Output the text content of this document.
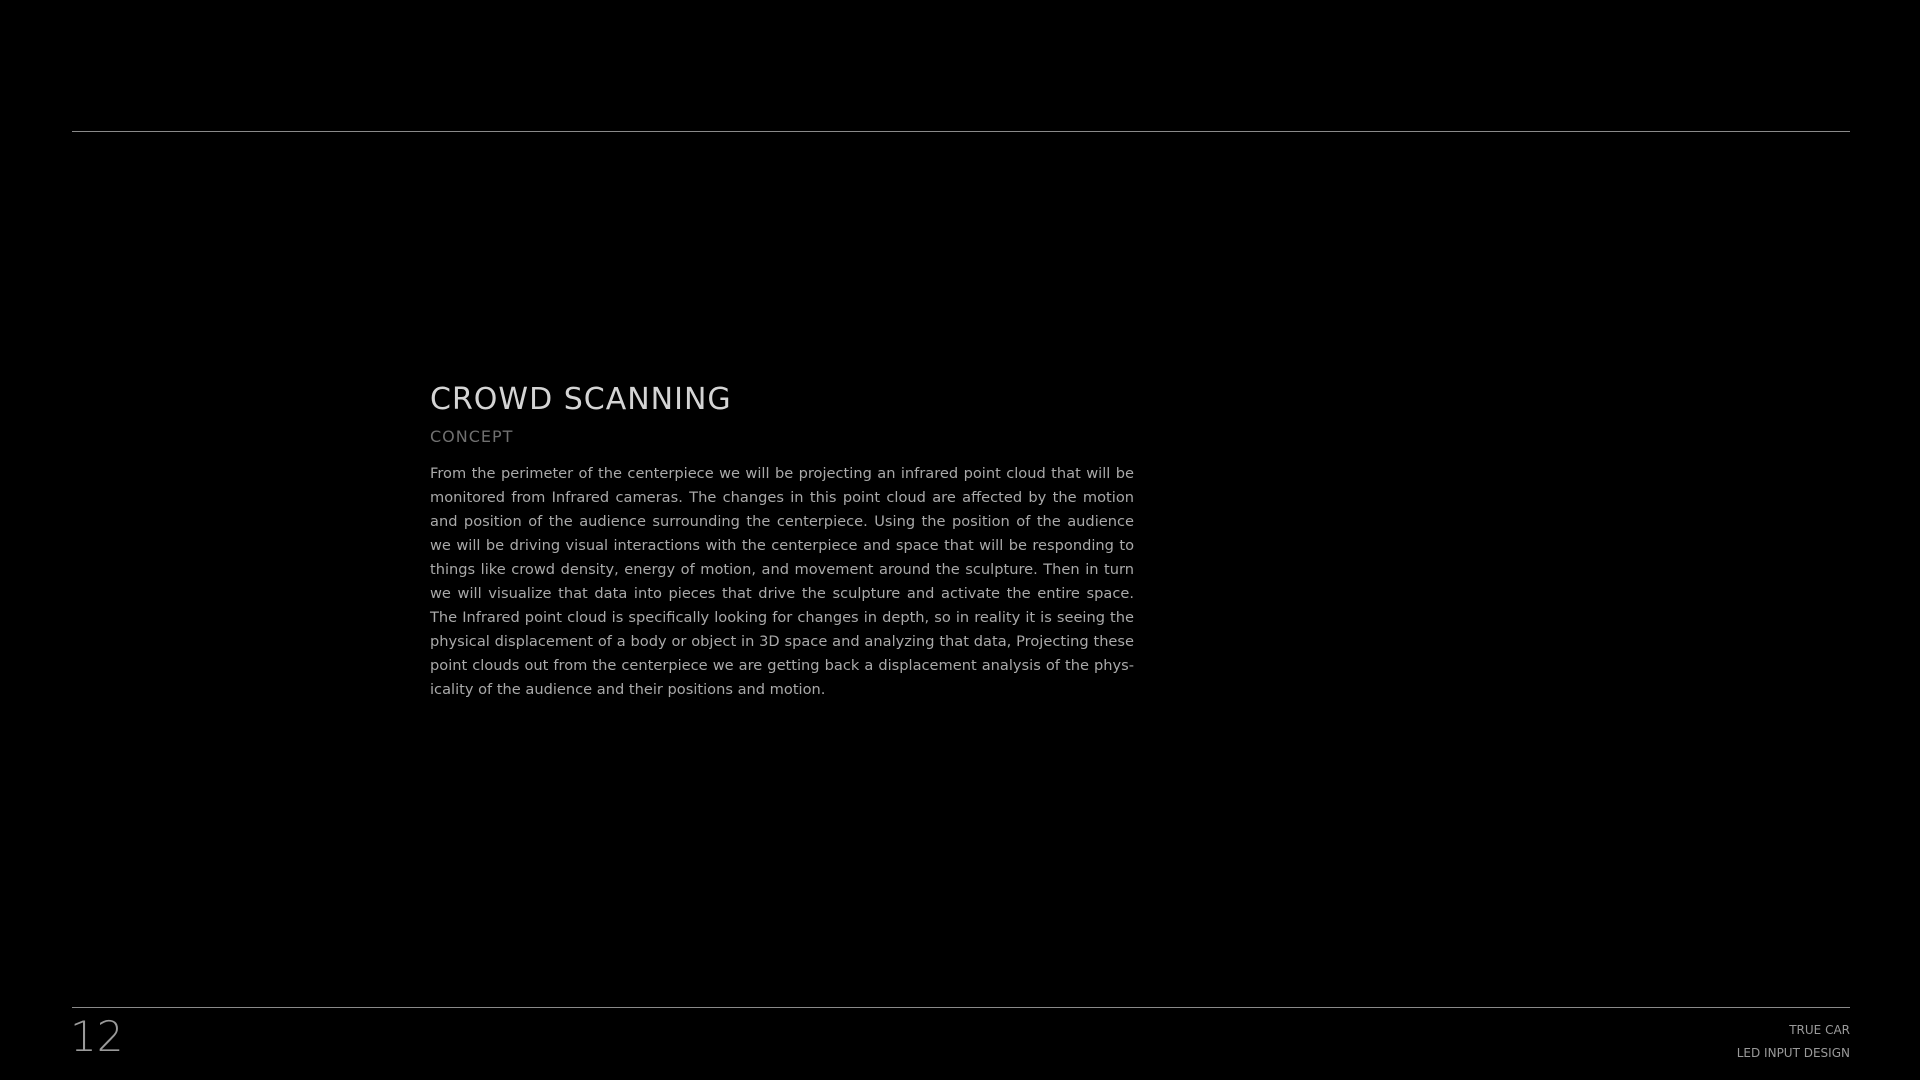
CROWD SCANNING
CONCEPT

From the perimeter of the centerpiece we will be projecting an infrared point cloud that will be monitored from Infrared cameras. The changes in this point cloud are affected by the motion and position of the audience surrounding the centerpiece. Using the position of the audience we will be driving visual interactions with the centerpiece and space that will be responding to things like crowd density, energy of motion, and movement around the sculpture. Then in turn we will visualize that data into pieces that drive the sculpture and activate the entire space. The Infrared point cloud is specifically looking for changes in depth, so in reality it is seeing the physical displacement of a body or object in 3D space and analyzing that data, Projecting these point clouds out from the centerpiece we are getting back a displacement analysis of the phys-icality of the audience and their positions and motion.

12	TRUE CAR
LED INPUT DESIGN
